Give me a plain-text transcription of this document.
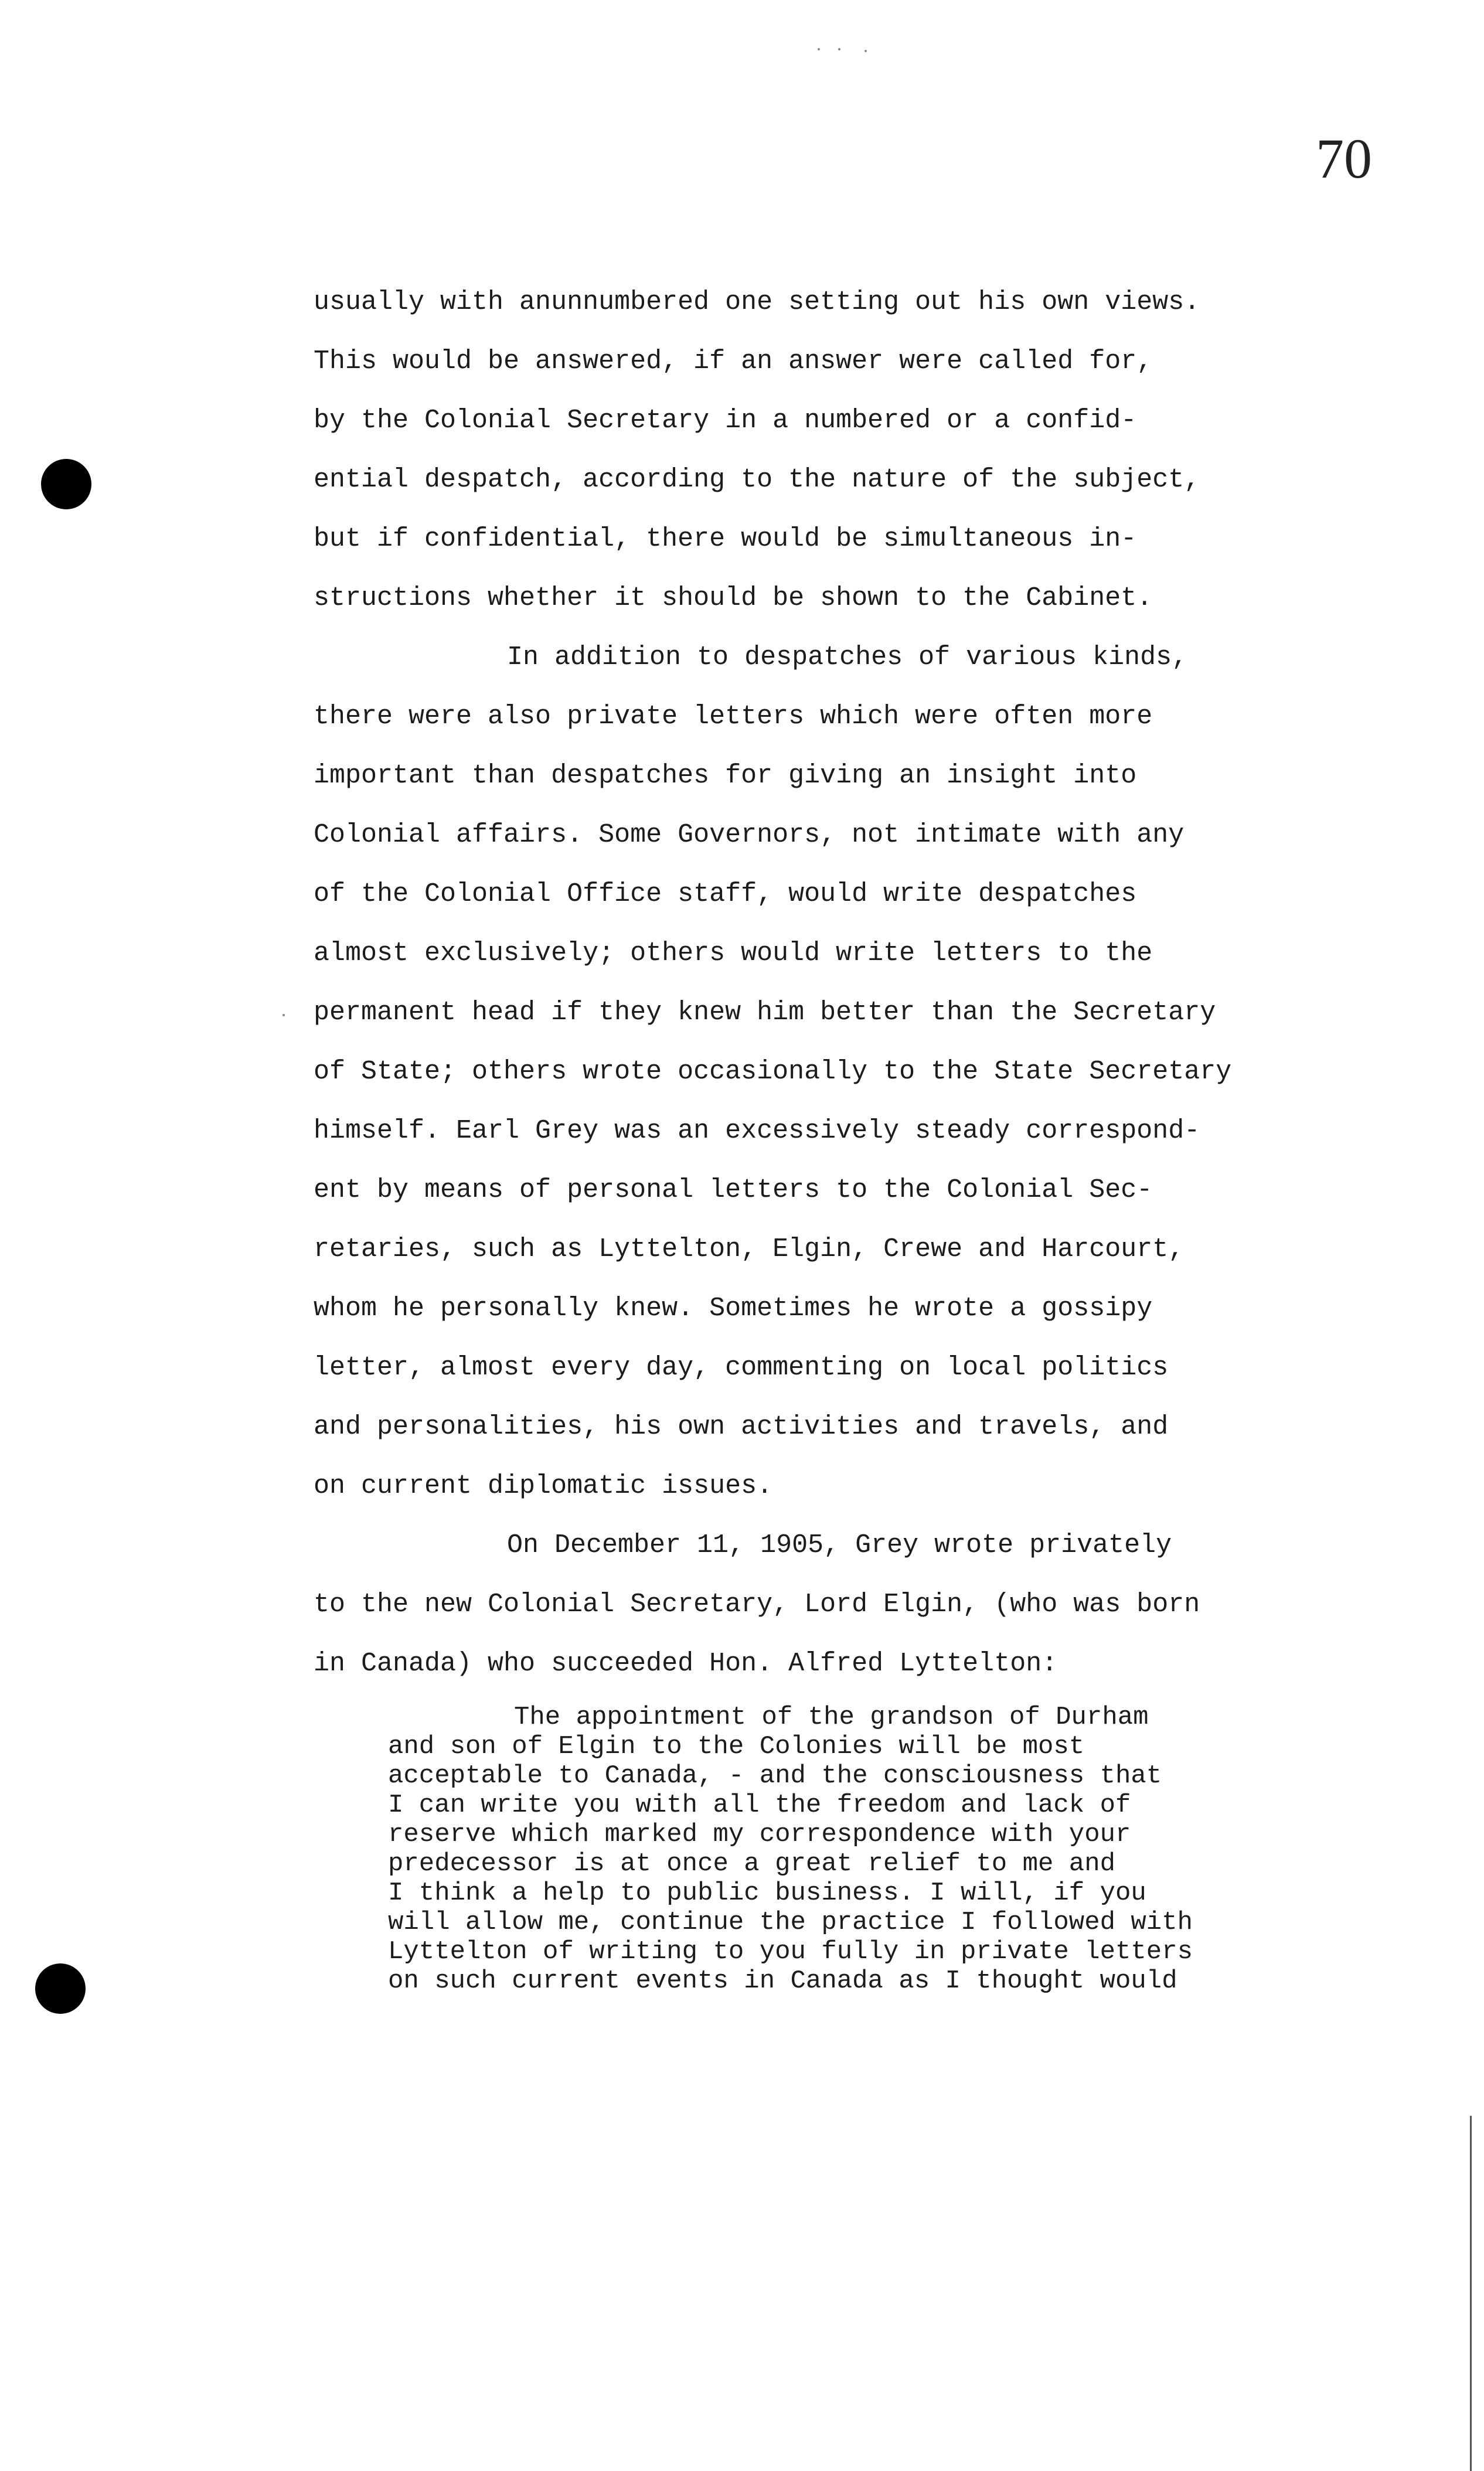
70
usually with anunnumbered one setting out his own views.
This would be answered, if an answer were called for,
by the Colonial Secretary in a numbered or a confid-
ential despatch, according to the nature of the subject,
but if confidential, there would be simultaneous in-
structions whether it should be shown to the Cabinet.
In addition to despatches of various kinds,
there were also private letters which were often more
important than despatches for giving an insight into
Colonial affairs. Some Governors, not intimate with any
of the Colonial Office staff, would write despatches
almost exclusively; others would write letters to the
permanent head if they knew him better than the Secretary
of State; others wrote occasionally to the State Secretary
himself. Earl Grey was an excessively steady correspond-
ent by means of personal letters to the Colonial Sec-
retaries, such as Lyttelton, Elgin, Crewe and Harcourt,
whom he personally knew. Sometimes he wrote a gossipy
letter, almost every day, commenting on local politics
and personalities, his own activities and travels, and
on current diplomatic issues.
On December 11, 1905, Grey wrote privately
to the new Colonial Secretary, Lord Elgin, (who was born
in Canada) who succeeded Hon. Alfred Lyttelton:
The appointment of the grandson of Durham
and son of Elgin to the Colonies will be most
acceptable to Canada, - and the consciousness that
I can write you with all the freedom and lack of
reserve which marked my correspondence with your
predecessor is at once a great relief to me and
I think a help to public business. I will, if you
will allow me, continue the practice I followed with
Lyttelton of writing to you fully in private letters
on such current events in Canada as I thought would
